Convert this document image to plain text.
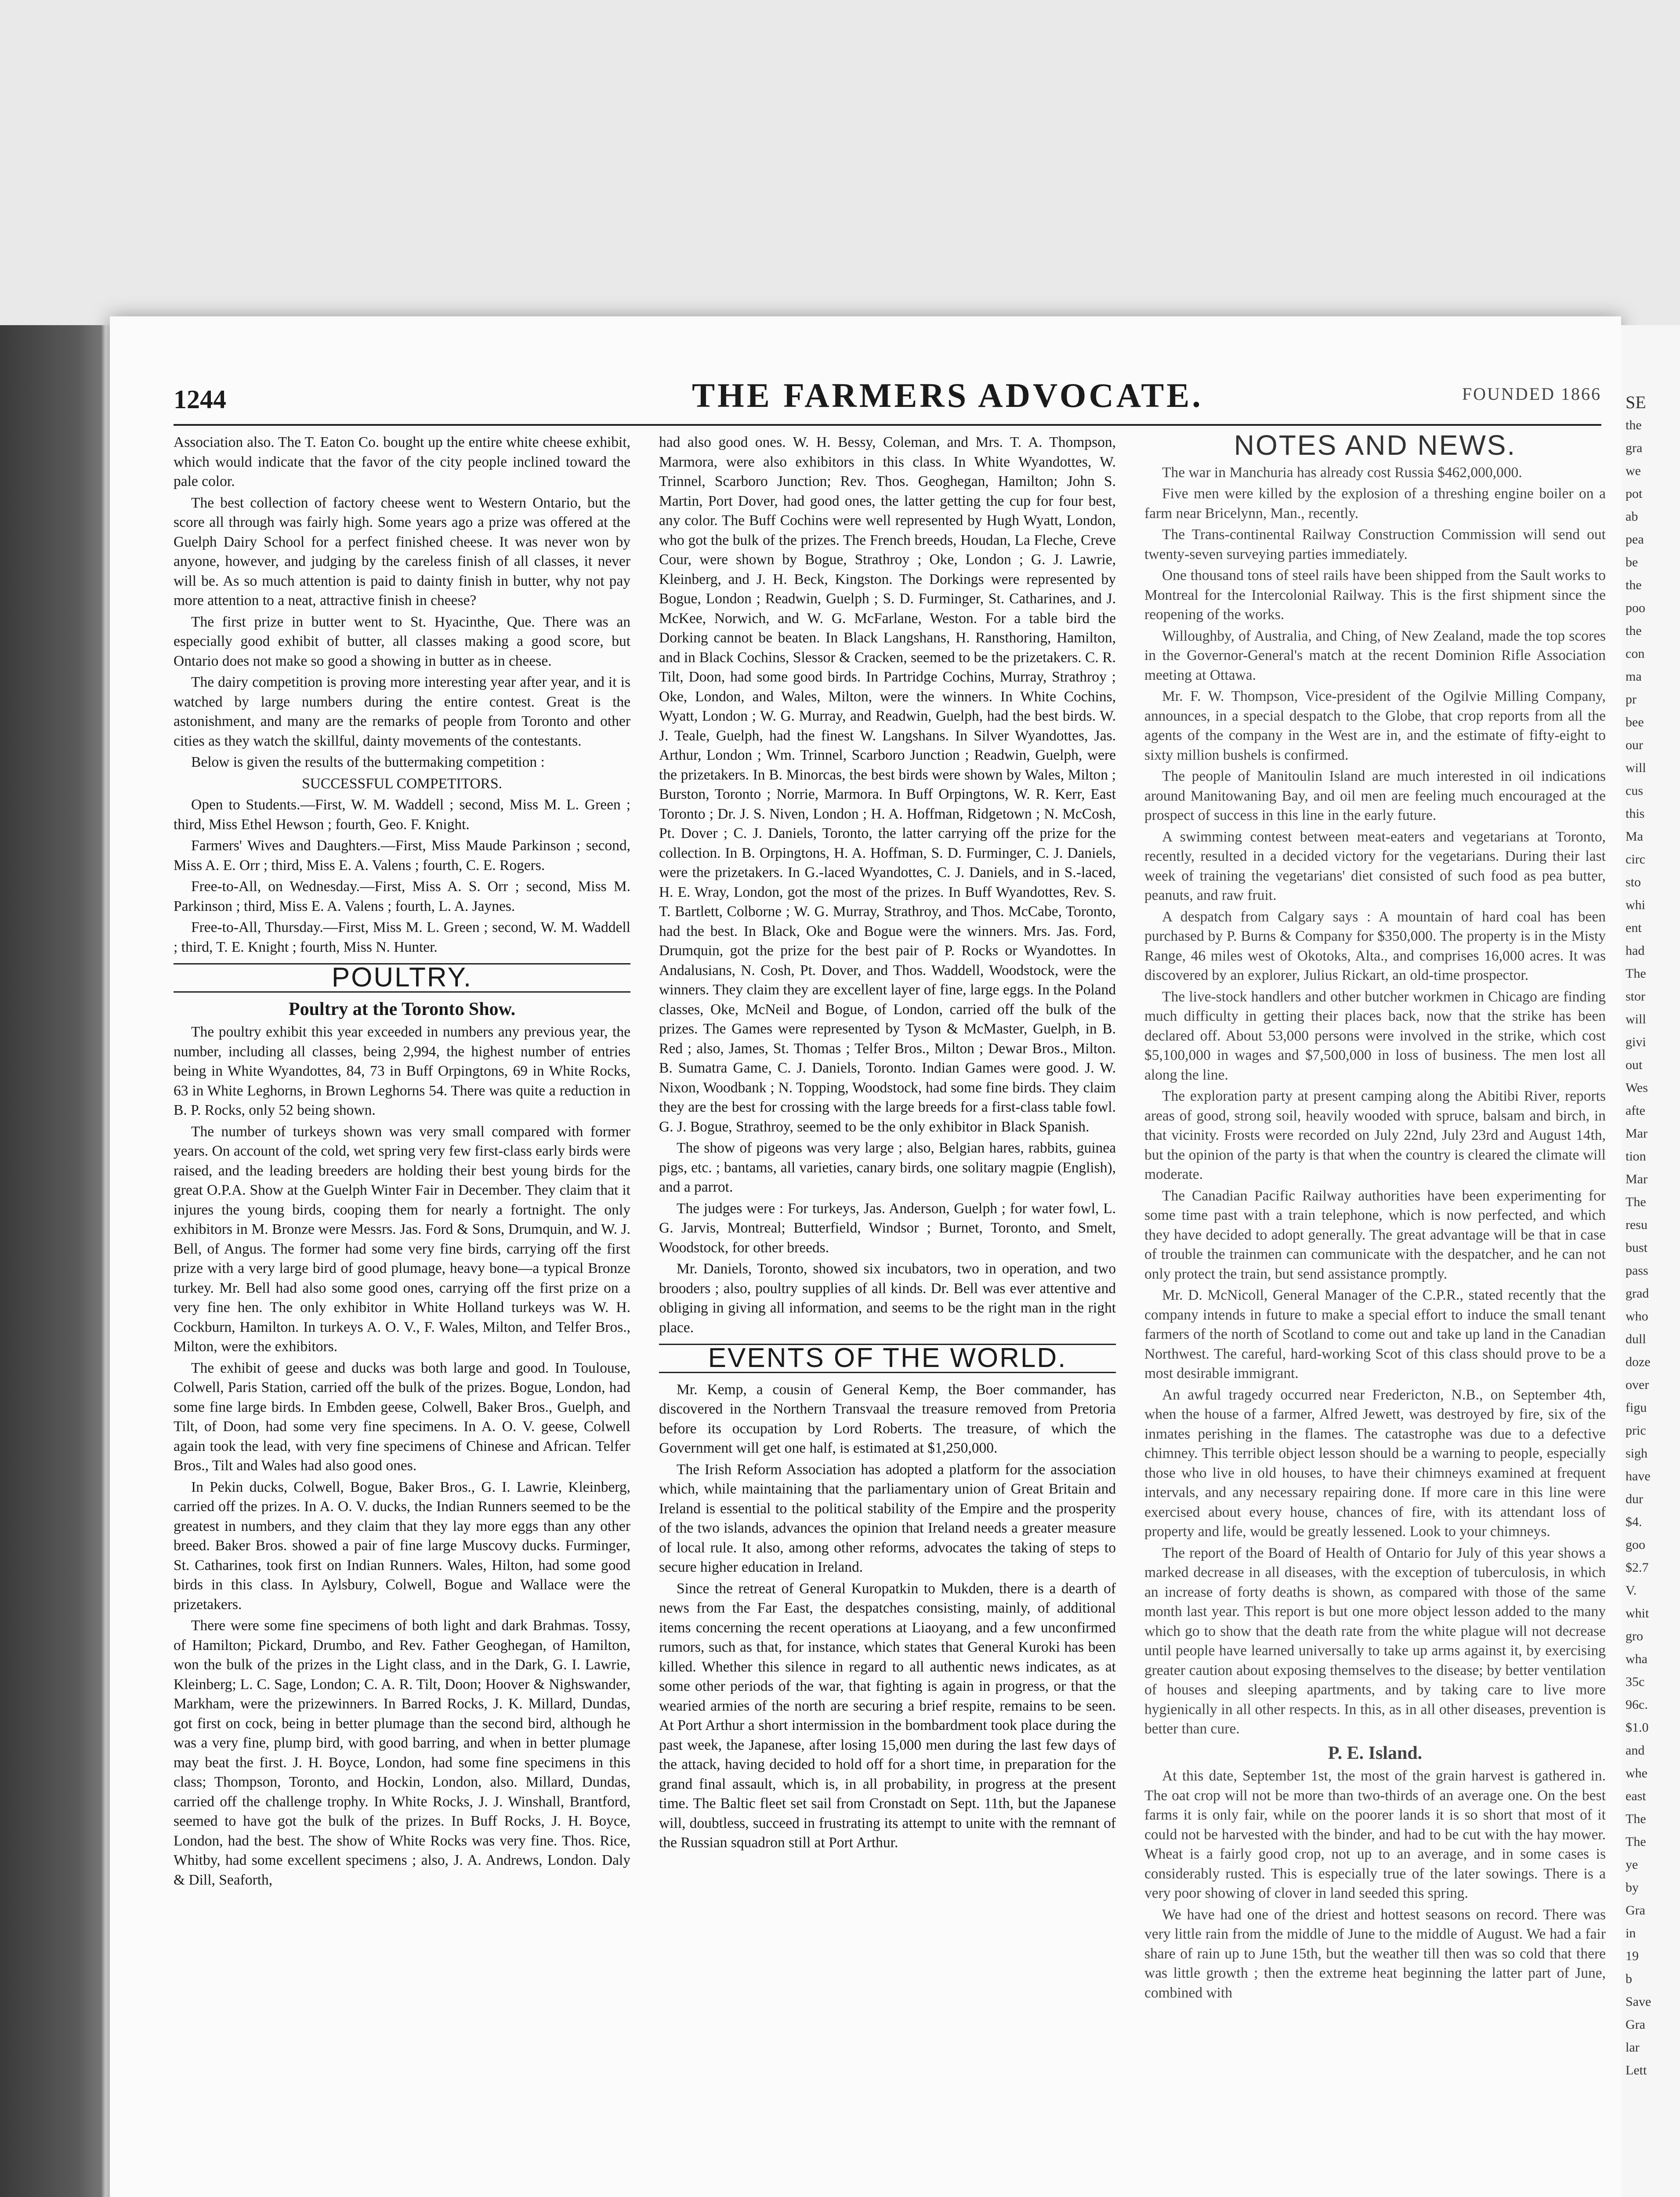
1244	THE FARMERS ADVOCATE.	FOUNDED 1866

Association also. The T. Eaton Co. bought up the entire white cheese exhibit, which would indicate that the favor of the city people inclined toward the pale color.

The best collection of factory cheese went to Western Ontario, but the score all through was fairly high. Some years ago a prize was offered at the Guelph Dairy School for a perfect finished cheese. It was never won by anyone, however, and judging by the careless finish of all classes, it never will be. As so much attention is paid to dainty finish in butter, why not pay more attention to a neat, attractive finish in cheese?

The first prize in butter went to St. Hyacinthe, Que. There was an especially good exhibit of butter, all classes making a good score, but Ontario does not make so good a showing in butter as in cheese.

The dairy competition is proving more interesting year after year, and it is watched by large numbers during the entire contest. Great is the astonishment, and many are the remarks of people from Toronto and other cities as they watch the skillful, dainty movements of the contestants.

Below is given the results of the buttermaking competition :

SUCCESSFUL COMPETITORS.

Open to Students.—First, W. M. Waddell ; second, Miss M. L. Green ; third, Miss Ethel Hewson ; fourth, Geo. F. Knight.

Farmers' Wives and Daughters.—First, Miss Maude Parkinson ; second, Miss A. E. Orr ; third, Miss E. A. Valens ; fourth, C. E. Rogers.

Free-to-All, on Wednesday.—First, Miss A. S. Orr ; second, Miss M. Parkinson ; third, Miss E. A. Valens ; fourth, L. A. Jaynes.

Free-to-All, Thursday.—First, Miss M. L. Green ; second, W. M. Waddell ; third, T. E. Knight ; fourth, Miss N. Hunter.

POULTRY.
Poultry at the Toronto Show.

The poultry exhibit this year exceeded in numbers any previous year, the number, including all classes, being 2,994, the highest number of entries being in White Wyandottes, 84, 73 in Buff Orpingtons, 69 in White Rocks, 63 in White Leghorns, in Brown Leghorns 54. There was quite a reduction in B. P. Rocks, only 52 being shown.

The number of turkeys shown was very small compared with former years. On account of the cold, wet spring very few first-class early birds were raised, and the leading breeders are holding their best young birds for the great O.P.A. Show at the Guelph Winter Fair in December. They claim that it injures the young birds, cooping them for nearly a fortnight. The only exhibitors in M. Bronze were Messrs. Jas. Ford & Sons, Drumquin, and W. J. Bell, of Angus. The former had some very fine birds, carrying off the first prize with a very large bird of good plumage, heavy bone—a typical Bronze turkey. Mr. Bell had also some good ones, carrying off the first prize on a very fine hen. The only exhibitor in White Holland turkeys was W. H. Cockburn, Hamilton. In turkeys A. O. V., F. Wales, Milton, and Telfer Bros., Milton, were the exhibitors.

The exhibit of geese and ducks was both large and good. In Toulouse, Colwell, Paris Station, carried off the bulk of the prizes. Bogue, London, had some fine large birds. In Embden geese, Colwell, Baker Bros., Guelph, and Tilt, of Doon, had some very fine specimens. In A. O. V. geese, Colwell again took the lead, with very fine specimens of Chinese and African. Telfer Bros., Tilt and Wales had also good ones.

In Pekin ducks, Colwell, Bogue, Baker Bros., G. I. Lawrie, Kleinberg, carried off the prizes. In A. O. V. ducks, the Indian Runners seemed to be the greatest in numbers, and they claim that they lay more eggs than any other breed. Baker Bros. showed a pair of fine large Muscovy ducks. Furminger, St. Catharines, took first on Indian Runners. Wales, Hilton, had some good birds in this class. In Aylsbury, Colwell, Bogue and Wallace were the prizetakers.

There were some fine specimens of both light and dark Brahmas. Tossy, of Hamilton; Pickard, Drumbo, and Rev. Father Geoghegan, of Hamilton, won the bulk of the prizes in the Light class, and in the Dark, G. I. Lawrie, Kleinberg; L. C. Sage, London; C. A. R. Tilt, Doon; Hoover & Nighswander, Markham, were the prizewinners. In Barred Rocks, J. K. Millard, Dundas, got first on cock, being in better plumage than the second bird, although he was a very fine, plump bird, with good barring, and when in better plumage may beat the first. J. H. Boyce, London, had some fine specimens in this class; Thompson, Toronto, and Hockin, London, also. Millard, Dundas, carried off the challenge trophy. In White Rocks, J. J. Winshall, Brantford, seemed to have got the bulk of the prizes. In Buff Rocks, J. H. Boyce, London, had the best. The show of White Rocks was very fine. Thos. Rice, Whitby, had some excellent specimens ; also, J. A. Andrews, London. Daly & Dill, Seaforth,

had also good ones. W. H. Bessy, Coleman, and Mrs. T. A. Thompson, Marmora, were also exhibitors in this class. In White Wyandottes, W. Trinnel, Scarboro Junction; Rev. Thos. Geoghegan, Hamilton; John S. Martin, Port Dover, had good ones, the latter getting the cup for four best, any color. The Buff Cochins were well represented by Hugh Wyatt, London, who got the bulk of the prizes. The French breeds, Houdan, La Fleche, Creve Cour, were shown by Bogue, Strathroy ; Oke, London ; G. J. Lawrie, Kleinberg, and J. H. Beck, Kingston. The Dorkings were represented by Bogue, London ; Readwin, Guelph ; S. D. Furminger, St. Catharines, and J. McKee, Norwich, and W. G. McFarlane, Weston. For a table bird the Dorking cannot be beaten. In Black Langshans, H. Ransthoring, Hamilton, and in Black Cochins, Slessor & Cracken, seemed to be the prizetakers. C. R. Tilt, Doon, had some good birds. In Partridge Cochins, Murray, Strathroy ; Oke, London, and Wales, Milton, were the winners. In White Cochins, Wyatt, London ; W. G. Murray, and Readwin, Guelph, had the best birds. W. J. Teale, Guelph, had the finest W. Langshans. In Silver Wyandottes, Jas. Arthur, London ; Wm. Trinnel, Scarboro Junction ; Readwin, Guelph, were the prizetakers. In B. Minorcas, the best birds were shown by Wales, Milton ; Burston, Toronto ; Norrie, Marmora. In Buff Orpingtons, W. R. Kerr, East Toronto ; Dr. J. S. Niven, London ; H. A. Hoffman, Ridgetown ; N. McCosh, Pt. Dover ; C. J. Daniels, Toronto, the latter carrying off the prize for the collection. In B. Orpingtons, H. A. Hoffman, S. D. Furminger, C. J. Daniels, were the prizetakers. In G.-laced Wyandottes, C. J. Daniels, and in S.-laced, H. E. Wray, London, got the most of the prizes. In Buff Wyandottes, Rev. S. T. Bartlett, Colborne ; W. G. Murray, Strathroy, and Thos. McCabe, Toronto, had the best. In Black, Oke and Bogue were the winners. Mrs. Jas. Ford, Drumquin, got the prize for the best pair of P. Rocks or Wyandottes. In Andalusians, N. Cosh, Pt. Dover, and Thos. Waddell, Woodstock, were the winners. They claim they are excellent layer of fine, large eggs. In the Poland classes, Oke, McNeil and Bogue, of London, carried off the bulk of the prizes. The Games were represented by Tyson & McMaster, Guelph, in B. Red ; also, James, St. Thomas ; Telfer Bros., Milton ; Dewar Bros., Milton. B. Sumatra Game, C. J. Daniels, Toronto. Indian Games were good. J. W. Nixon, Woodbank ; N. Topping, Woodstock, had some fine birds. They claim they are the best for crossing with the large breeds for a first-class table fowl. G. J. Bogue, Strathroy, seemed to be the only exhibitor in Black Spanish.

The show of pigeons was very large ; also, Belgian hares, rabbits, guinea pigs, etc. ; bantams, all varieties, canary birds, one solitary magpie (English), and a parrot.

The judges were : For turkeys, Jas. Anderson, Guelph ; for water fowl, L. G. Jarvis, Montreal; Butterfield, Windsor ; Burnet, Toronto, and Smelt, Woodstock, for other breeds.

Mr. Daniels, Toronto, showed six incubators, two in operation, and two brooders ; also, poultry supplies of all kinds. Dr. Bell was ever attentive and obliging in giving all information, and seems to be the right man in the right place.

EVENTS OF THE WORLD.

Mr. Kemp, a cousin of General Kemp, the Boer commander, has discovered in the Northern Transvaal the treasure removed from Pretoria before its occupation by Lord Roberts. The treasure, of which the Government will get one half, is estimated at $1,250,000.

The Irish Reform Association has adopted a platform for the association which, while maintaining that the parliamentary union of Great Britain and Ireland is essential to the political stability of the Empire and the prosperity of the two islands, advances the opinion that Ireland needs a greater measure of local rule. It also, among other reforms, advocates the taking of steps to secure higher education in Ireland.

Since the retreat of General Kuropatkin to Mukden, there is a dearth of news from the Far East, the despatches consisting, mainly, of additional items concerning the recent operations at Liaoyang, and a few unconfirmed rumors, such as that, for instance, which states that General Kuroki has been killed. Whether this silence in regard to all authentic news indicates, as at some other periods of the war, that fighting is again in progress, or that the wearied armies of the north are securing a brief respite, remains to be seen. At Port Arthur a short intermission in the bombardment took place during the past week, the Japanese, after losing 15,000 men during the last few days of the attack, having decided to hold off for a short time, in preparation for the grand final assault, which is, in all probability, in progress at the present time. The Baltic fleet set sail from Cronstadt on Sept. 11th, but the Japanese will, doubtless, succeed in frustrating its attempt to unite with the remnant of the Russian squadron still at Port Arthur.

NOTES AND NEWS.

The war in Manchuria has already cost Russia $462,000,000.

Five men were killed by the explosion of a threshing engine boiler on a farm near Bricelynn, Man., recently.

The Trans-continental Railway Construction Commission will send out twenty-seven surveying parties immediately.

One thousand tons of steel rails have been shipped from the Sault works to Montreal for the Intercolonial Railway. This is the first shipment since the reopening of the works.

Willoughby, of Australia, and Ching, of New Zealand, made the top scores in the Governor-General's match at the recent Dominion Rifle Association meeting at Ottawa.

Mr. F. W. Thompson, Vice-president of the Ogilvie Milling Company, announces, in a special despatch to the Globe, that crop reports from all the agents of the company in the West are in, and the estimate of fifty-eight to sixty million bushels is confirmed.

The people of Manitoulin Island are much interested in oil indications around Manitowaning Bay, and oil men are feeling much encouraged at the prospect of success in this line in the early future.

A swimming contest between meat-eaters and vegetarians at Toronto, recently, resulted in a decided victory for the vegetarians. During their last week of training the vegetarians' diet consisted of such food as pea butter, peanuts, and raw fruit.

A despatch from Calgary says : A mountain of hard coal has been purchased by P. Burns & Company for $350,000. The property is in the Misty Range, 46 miles west of Okotoks, Alta., and comprises 16,000 acres. It was discovered by an explorer, Julius Rickart, an old-time prospector.

The live-stock handlers and other butcher workmen in Chicago are finding much difficulty in getting their places back, now that the strike has been declared off. About 53,000 persons were involved in the strike, which cost $5,100,000 in wages and $7,500,000 in loss of business. The men lost all along the line.

The exploration party at present camping along the Abitibi River, reports areas of good, strong soil, heavily wooded with spruce, balsam and birch, in that vicinity. Frosts were recorded on July 22nd, July 23rd and August 14th, but the opinion of the party is that when the country is cleared the climate will moderate.

The Canadian Pacific Railway authorities have been experimenting for some time past with a train telephone, which is now perfected, and which they have decided to adopt generally. The great advantage will be that in case of trouble the trainmen can communicate with the despatcher, and he can not only protect the train, but send assistance promptly.

Mr. D. McNicoll, General Manager of the C.P.R., stated recently that the company intends in future to make a special effort to induce the small tenant farmers of the north of Scotland to come out and take up land in the Canadian Northwest. The careful, hard-working Scot of this class should prove to be a most desirable immigrant.

An awful tragedy occurred near Fredericton, N.B., on September 4th, when the house of a farmer, Alfred Jewett, was destroyed by fire, six of the inmates perishing in the flames. The catastrophe was due to a defective chimney. This terrible object lesson should be a warning to people, especially those who live in old houses, to have their chimneys examined at frequent intervals, and any necessary repairing done. If more care in this line were exercised about every house, chances of fire, with its attendant loss of property and life, would be greatly lessened. Look to your chimneys.

The report of the Board of Health of Ontario for July of this year shows a marked decrease in all diseases, with the exception of tuberculosis, in which an increase of forty deaths is shown, as compared with those of the same month last year. This report is but one more object lesson added to the many which go to show that the death rate from the white plague will not decrease until people have learned universally to take up arms against it, by exercising greater caution about exposing themselves to the disease; by better ventilation of houses and sleeping apartments, and by taking care to live more hygienically in all other respects. In this, as in all other diseases, prevention is better than cure.

P. E. Island.

At this date, September 1st, the most of the grain harvest is gathered in. The oat crop will not be more than two-thirds of an average one. On the best farms it is only fair, while on the poorer lands it is so short that most of it could not be harvested with the binder, and had to be cut with the hay mower. Wheat is a fairly good crop, not up to an average, and in some cases is considerably rusted. This is especially true of the later sowings. There is a very poor showing of clover in land seeded this spring.

We have had one of the driest and hottest seasons on record. There was very little rain from the middle of June to the middle of August. We had a fair share of rain up to June 15th, but the weather till then was so cold that there was little growth ; then the extreme heat beginning the latter part of June, combined with

SE
the
gra
we
pot
ab
pea
be
the
poo
the
con
ma
pr
bee
our
will
cus
this
Ma
circ
sto
whi
ent
had
The
stor
will
givi
out
Wes
afte
Mar
tion
Mar
The
resu
bust
pass
grad
who
dull
doze
over
figu
pric
sigh
have
dur
$4.
goo
$2.7
V.
whit
gro
wha
35c
96c.
$1.0
and
whe
east
The
The
ye
by
Gra
in
19
b
Save
Gra
lar
Lett
